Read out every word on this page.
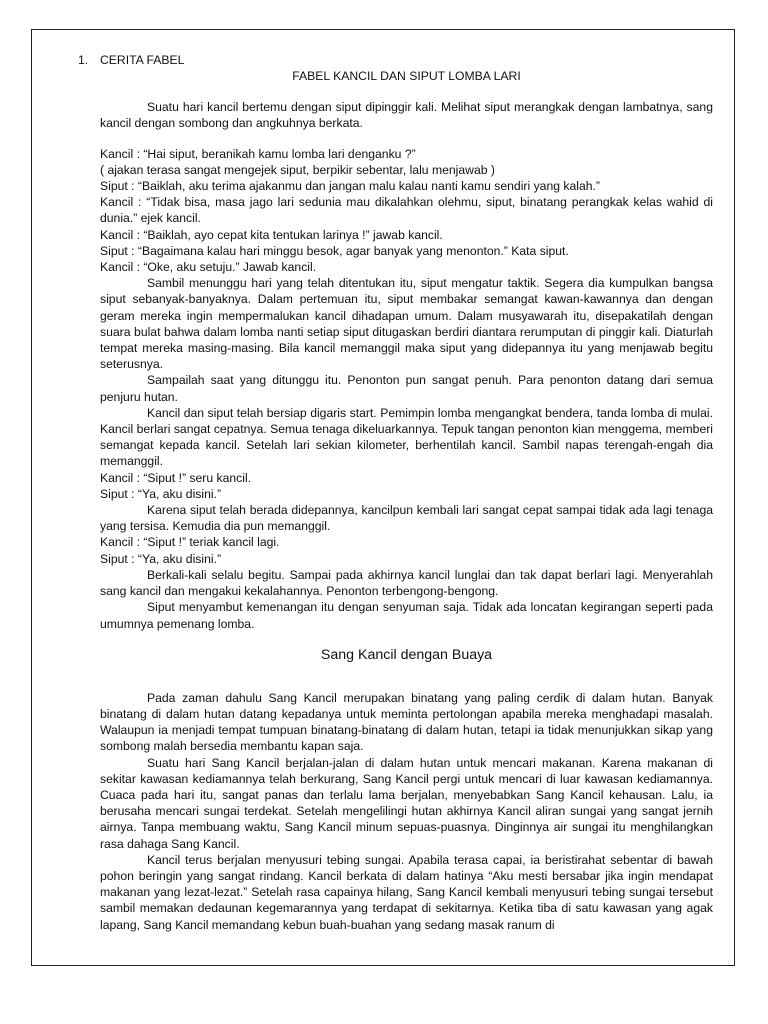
1. CERITA FABEL

FABEL KANCIL DAN SIPUT LOMBA LARI

Suatu hari kancil bertemu dengan siput dipinggir kali. Melihat siput merangkak dengan lambatnya, sang kancil dengan sombong dan angkuhnya berkata.

Kancil : “Hai siput, beranikah kamu lomba lari denganku ?”

( ajakan terasa sangat mengejek siput, berpikir sebentar, lalu menjawab )

Siput : “Baiklah, aku terima ajakanmu dan jangan malu kalau nanti kamu sendiri yang kalah.”

Kancil : “Tidak bisa, masa jago lari sedunia mau dikalahkan olehmu, siput, binatang perangkak kelas wahid di dunia.” ejek kancil.

Kancil : “Baiklah, ayo cepat kita tentukan larinya !” jawab kancil.

Siput : “Bagaimana kalau hari minggu besok, agar banyak yang menonton.” Kata siput.

Kancil : “Oke, aku setuju.” Jawab kancil.

Sambil menunggu hari yang telah ditentukan itu, siput mengatur taktik. Segera dia kumpulkan bangsa siput sebanyak-banyaknya. Dalam pertemuan itu, siput membakar semangat kawan-kawannya dan dengan geram mereka ingin mempermalukan kancil dihadapan umum. Dalam musyawarah itu, disepakatilah dengan suara bulat bahwa dalam lomba nanti setiap siput ditugaskan berdiri diantara rerumputan di pinggir kali. Diaturlah tempat mereka masing-masing. Bila kancil memanggil maka siput yang didepannya itu yang menjawab begitu seterusnya.

Sampailah saat yang ditunggu itu. Penonton pun sangat penuh. Para penonton datang dari semua penjuru hutan.

Kancil dan siput telah bersiap digaris start. Pemimpin lomba mengangkat bendera, tanda lomba di mulai. Kancil berlari sangat cepatnya. Semua tenaga dikeluarkannya. Tepuk tangan penonton kian menggema, memberi semangat kepada kancil. Setelah lari sekian kilometer, berhentilah kancil. Sambil napas terengah-engah dia memanggil.

Kancil : “Siput !” seru kancil.

Siput : “Ya, aku disini.”

Karena siput telah berada didepannya, kancilpun kembali lari sangat cepat sampai tidak ada lagi tenaga yang tersisa. Kemudia dia pun memanggil.

Kancil : “Siput !” teriak kancil lagi.

Siput : “Ya, aku disini.”

Berkali-kali selalu begitu. Sampai pada akhirnya kancil lunglai dan tak dapat berlari lagi. Menyerahlah sang kancil dan mengakui kekalahannya. Penonton terbengong-bengong.

Siput menyambut kemenangan itu dengan senyuman saja. Tidak ada loncatan kegirangan seperti pada umumnya pemenang lomba.

Sang Kancil dengan Buaya

Pada zaman dahulu Sang Kancil merupakan binatang yang paling cerdik di dalam hutan. Banyak binatang di dalam hutan datang kepadanya untuk meminta pertolongan apabila mereka menghadapi masalah. Walaupun ia menjadi tempat tumpuan binatang-binatang di dalam hutan, tetapi ia tidak menunjukkan sikap yang sombong malah bersedia membantu kapan saja.

Suatu hari Sang Kancil berjalan-jalan di dalam hutan untuk mencari makanan. Karena makanan di sekitar kawasan kediamannya telah berkurang, Sang Kancil pergi untuk mencari di luar kawasan kediamannya. Cuaca pada hari itu, sangat panas dan terlalu lama berjalan, menyebabkan Sang Kancil kehausan. Lalu, ia berusaha mencari sungai terdekat. Setelah mengelilingi hutan akhirnya Kancil aliran sungai yang sangat jernih airnya. Tanpa membuang waktu, Sang Kancil minum sepuas-puasnya. Dinginnya air sungai itu menghilangkan rasa dahaga Sang Kancil.

Kancil terus berjalan menyusuri tebing sungai. Apabila terasa capai, ia beristirahat sebentar di bawah pohon beringin yang sangat rindang. Kancil berkata di dalam hatinya “Aku mesti bersabar jika ingin mendapat makanan yang lezat-lezat.” Setelah rasa capainya hilang, Sang Kancil kembali menyusuri tebing sungai tersebut sambil memakan dedaunan kegemarannya yang terdapat di sekitarnya. Ketika tiba di satu kawasan yang agak lapang, Sang Kancil memandang kebun buah-buahan yang sedang masak ranum di
